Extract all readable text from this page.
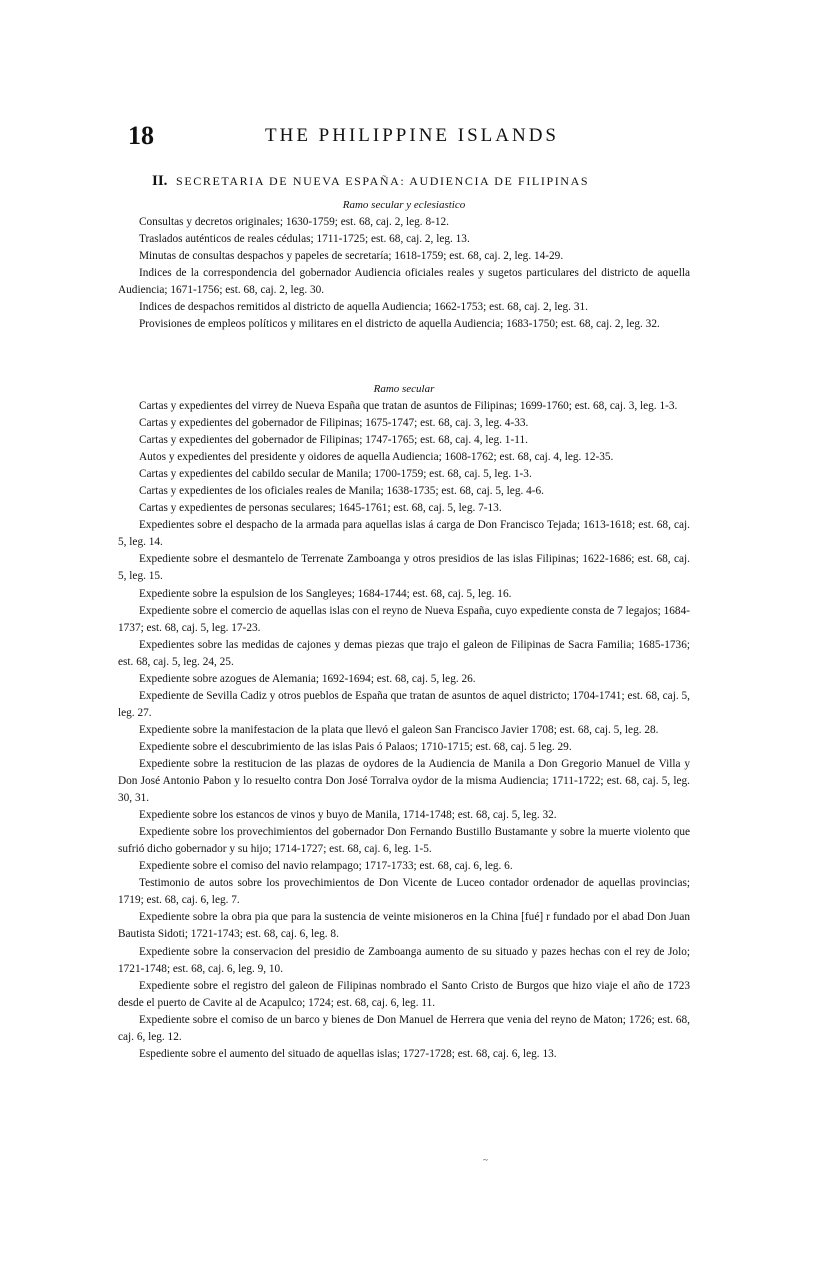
18	THE PHILIPPINE ISLANDS
II. SECRETARIA DE NUEVA ESPAÑA: AUDIENCIA DE FILIPINAS

Ramo secular y eclesiastico

Consultas y decretos originales; 1630-1759; est. 68, caj. 2, leg. 8-12.

Traslados auténticos de reales cédulas; 1711-1725; est. 68, caj. 2, leg. 13.

Minutas de consultas despachos y papeles de secretaría; 1618-1759; est. 68, caj. 2, leg. 14-29.

Indices de la correspondencia del gobernador Audiencia oficiales reales y sugetos particulares del districto de aquella Audiencia; 1671-1756; est. 68, caj. 2, leg. 30.

Indices de despachos remitidos al districto de aquella Audiencia; 1662-1753; est. 68, caj. 2, leg. 31.

Provisiones de empleos políticos y militares en el districto de aquella Audiencia; 1683-1750; est. 68, caj. 2, leg. 32.

Ramo secular

Cartas y expedientes del virrey de Nueva España que tratan de asuntos de Filipinas; 1699-1760; est. 68, caj. 3, leg. 1-3.

Cartas y expedientes del gobernador de Filipinas; 1675-1747; est. 68, caj. 3, leg. 4-33.

Cartas y expedientes del gobernador de Filipinas; 1747-1765; est. 68, caj. 4, leg. 1-11.

Autos y expedientes del presidente y oidores de aquella Audiencia; 1608-1762; est. 68, caj. 4, leg. 12-35.

Cartas y expedientes del cabildo secular de Manila; 1700-1759; est. 68, caj. 5, leg. 1-3.

Cartas y expedientes de los oficiales reales de Manila; 1638-1735; est. 68, caj. 5, leg. 4-6.

Cartas y expedientes de personas seculares; 1645-1761; est. 68, caj. 5, leg. 7-13.

Expedientes sobre el despacho de la armada para aquellas islas á carga de Don Francisco Tejada; 1613-1618; est. 68, caj. 5, leg. 14.

Expediente sobre el desmantelo de Terrenate Zamboanga y otros presidios de las islas Filipinas; 1622-1686; est. 68, caj. 5, leg. 15.

Expediente sobre la espulsion de los Sangleyes; 1684-1744; est. 68, caj. 5, leg. 16.

Expediente sobre el comercio de aquellas islas con el reyno de Nueva España, cuyo expediente consta de 7 legajos; 1684-1737; est. 68, caj. 5, leg. 17-23.

Expedientes sobre las medidas de cajones y demas piezas que trajo el galeon de Filipinas de Sacra Familia; 1685-1736; est. 68, caj. 5, leg. 24, 25.

Expediente sobre azogues de Alemania; 1692-1694; est. 68, caj. 5, leg. 26.

Expediente de Sevilla Cadiz y otros pueblos de España que tratan de asuntos de aquel districto; 1704-1741; est. 68, caj. 5, leg. 27.

Expediente sobre la manifestacion de la plata que llevó el galeon San Francisco Javier 1708; est. 68, caj. 5, leg. 28.

Expediente sobre el descubrimiento de las islas Pais ó Palaos; 1710-1715; est. 68, caj. 5 leg. 29.

Expediente sobre la restitucion de las plazas de oydores de la Audiencia de Manila a Don Gregorio Manuel de Villa y Don José Antonio Pabon y lo resuelto contra Don José Torralva oydor de la misma Audiencia; 1711-1722; est. 68, caj. 5, leg. 30, 31.

Expediente sobre los estancos de vinos y buyo de Manila, 1714-1748; est. 68, caj. 5, leg. 32.

Expediente sobre los provechimientos del gobernador Don Fernando Bustillo Bustamante y sobre la muerte violento que sufrió dicho gobernador y su hijo; 1714-1727; est. 68, caj. 6, leg. 1-5.

Expediente sobre el comiso del navio relampago; 1717-1733; est. 68, caj. 6, leg. 6.

Testimonio de autos sobre los provechimientos de Don Vicente de Luceo contador ordenador de aquellas provincias; 1719; est. 68, caj. 6, leg. 7.

Expediente sobre la obra pia que para la sustencia de veinte misioneros en la China [fué] r fundado por el abad Don Juan Bautista Sidoti; 1721-1743; est. 68, caj. 6, leg. 8.

Expediente sobre la conservacion del presidio de Zamboanga aumento de su situado y pazes hechas con el rey de Jolo; 1721-1748; est. 68, caj. 6, leg. 9, 10.

Expediente sobre el registro del galeon de Filipinas nombrado el Santo Cristo de Burgos que hizo viaje el año de 1723 desde el puerto de Cavite al de Acapulco; 1724; est. 68, caj. 6, leg. 11.

Expediente sobre el comiso de un barco y bienes de Don Manuel de Herrera que venia del reyno de Maton; 1726; est. 68, caj. 6, leg. 12.

Espediente sobre el aumento del situado de aquellas islas; 1727-1728; est. 68, caj. 6, leg. 13.

~
